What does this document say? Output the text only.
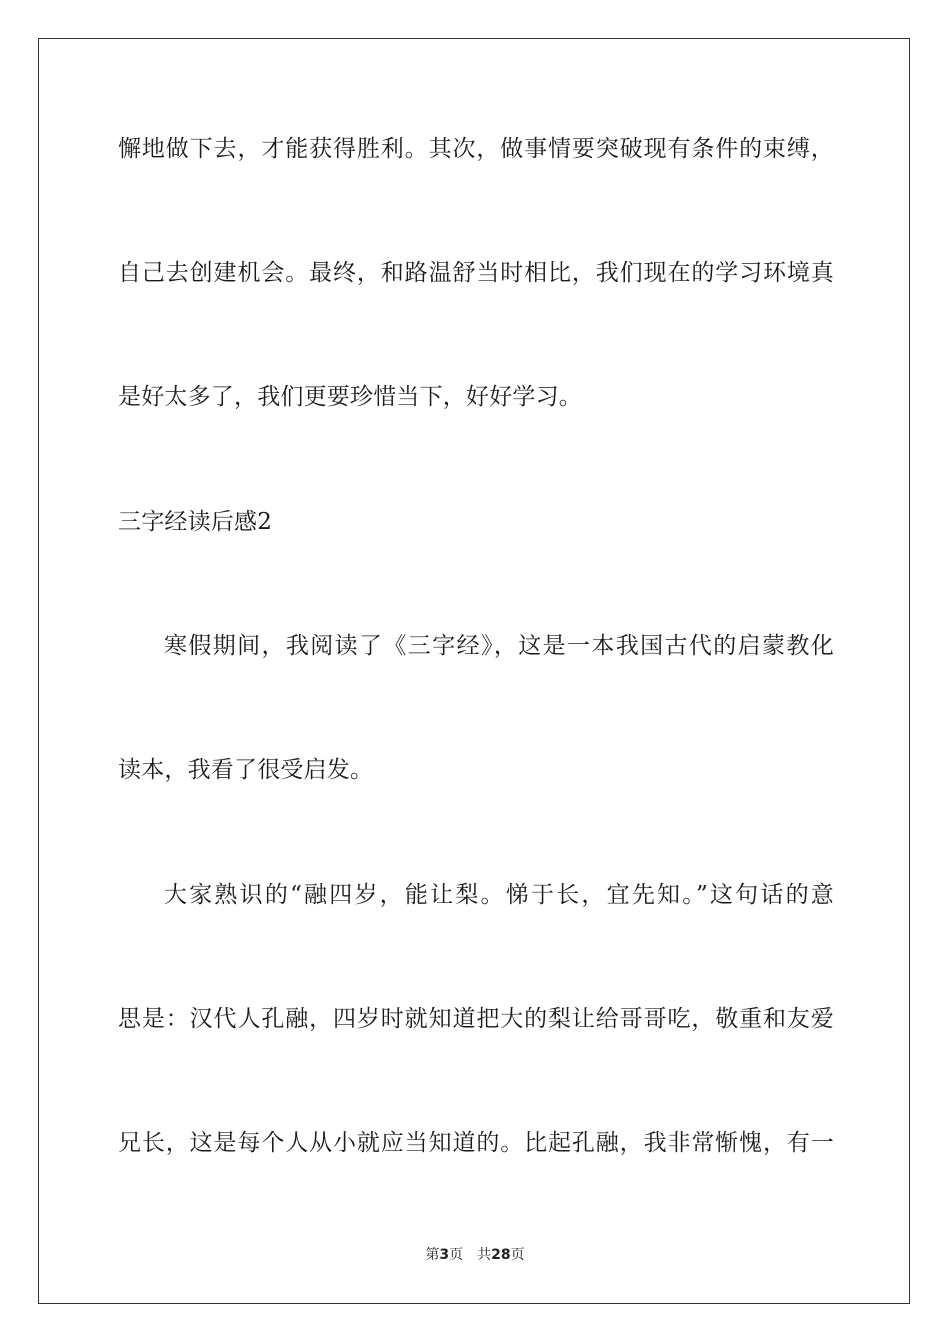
懈地做下去，才能获得胜利。其次，做事情要突破现有条件的束缚，
自己去创建机会。最终，和路温舒当时相比，我们现在的学习环境真
是好太多了，我们更要珍惜当下，好好学习。
三字经读后感2
寒假期间，我阅读了《三字经》，这是一本我国古代的启蒙教化
读本，我看了很受启发。
大家熟识的“融四岁，能让梨。悌于长，宜先知。”这句话的意
思是：汉代人孔融，四岁时就知道把大的梨让给哥哥吃，敬重和友爱
兄长，这是每个人从小就应当知道的。比起孔融，我非常惭愧，有一
第3页 共28页
